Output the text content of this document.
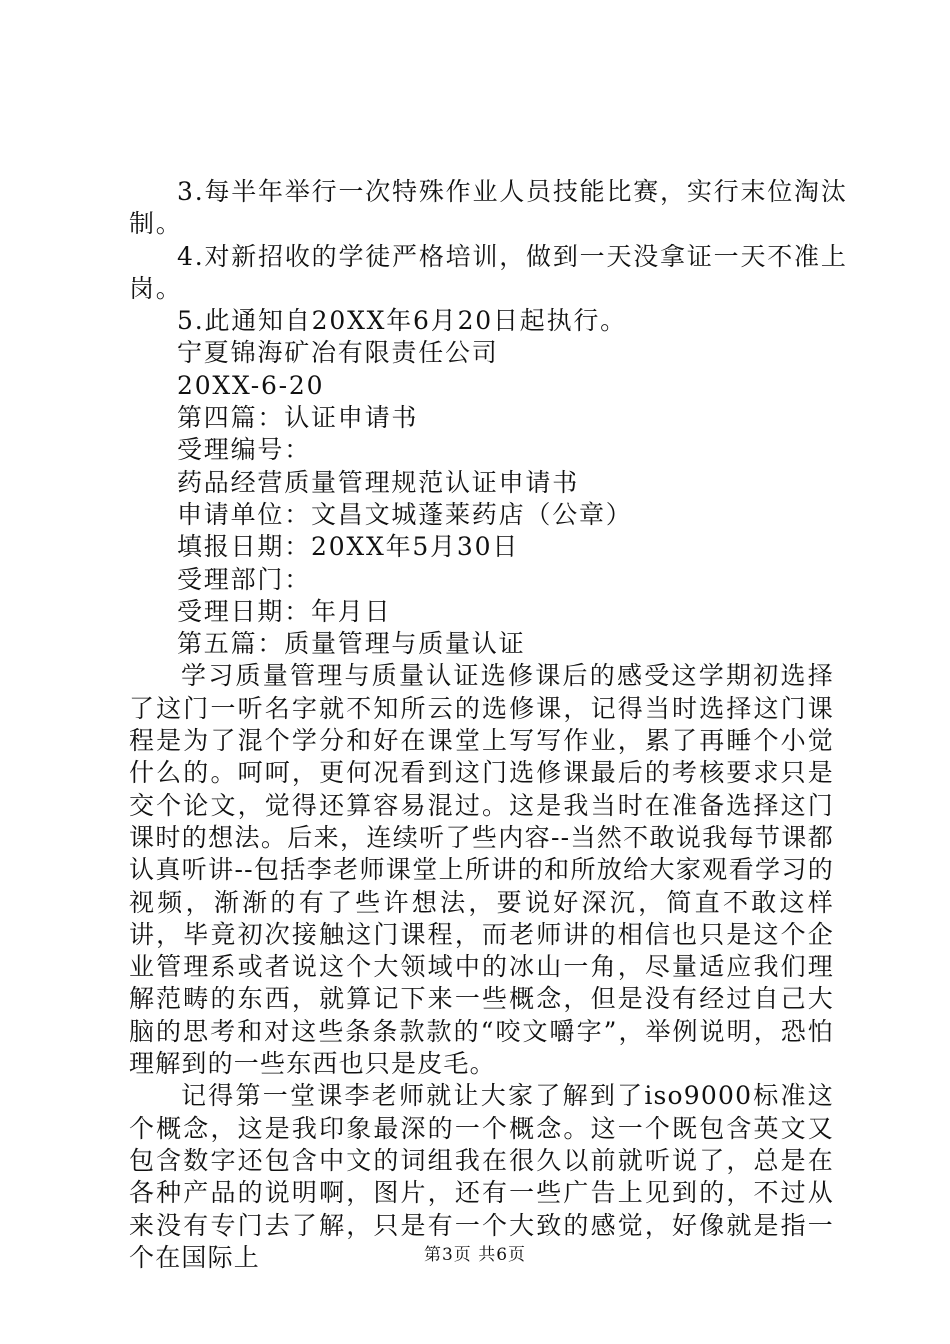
3.每半年举行一次特殊作业人员技能比赛，实行末位淘汰
制。
4.对新招收的学徒严格培训，做到一天没拿证一天不准上
岗。
5.此通知自20XX年6月20日起执行。
宁夏锦海矿冶有限责任公司
20XX-6-20
第四篇：认证申请书
受理编号：
药品经营质量管理规范认证申请书
申请单位：文昌文城蓬莱药店（公章）
填报日期：20XX年5月30日
受理部门：
受理日期：年月日
第五篇：质量管理与质量认证

学习质量管理与质量认证选修课后的感受这学期初选择了这门一听名字就不知所云的选修课，记得当时选择这门课程是为了混个学分和好在课堂上写写作业，累了再睡个小觉什么的。呵呵，更何况看到这门选修课最后的考核要求只是交个论文，觉得还算容易混过。这是我当时在准备选择这门课时的想法。后来，连续听了些内容--当然不敢说我每节课都认真听讲--包括李老师课堂上所讲的和所放给大家观看学习的视频，渐渐的有了些许想法，要说好深沉，简直不敢这样讲，毕竟初次接触这门课程，而老师讲的相信也只是这个企业管理系或者说这个大领域中的冰山一角，尽量适应我们理解范畴的东西，就算记下来一些概念，但是没有经过自己大脑的思考和对这些条条款款的“咬文嚼字”，举例说明，恐怕理解到的一些东西也只是皮毛。

记得第一堂课李老师就让大家了解到了iso9000标准这个概念，这是我印象最深的一个概念。这一个既包含英文又包含数字还包含中文的词组我在很久以前就听说了，总是在各种产品的说明啊，图片，还有一些广告上见到的，不过从来没有专门去了解，只是有一个大致的感觉，好像就是指一个在国际上	第3页 共6页
